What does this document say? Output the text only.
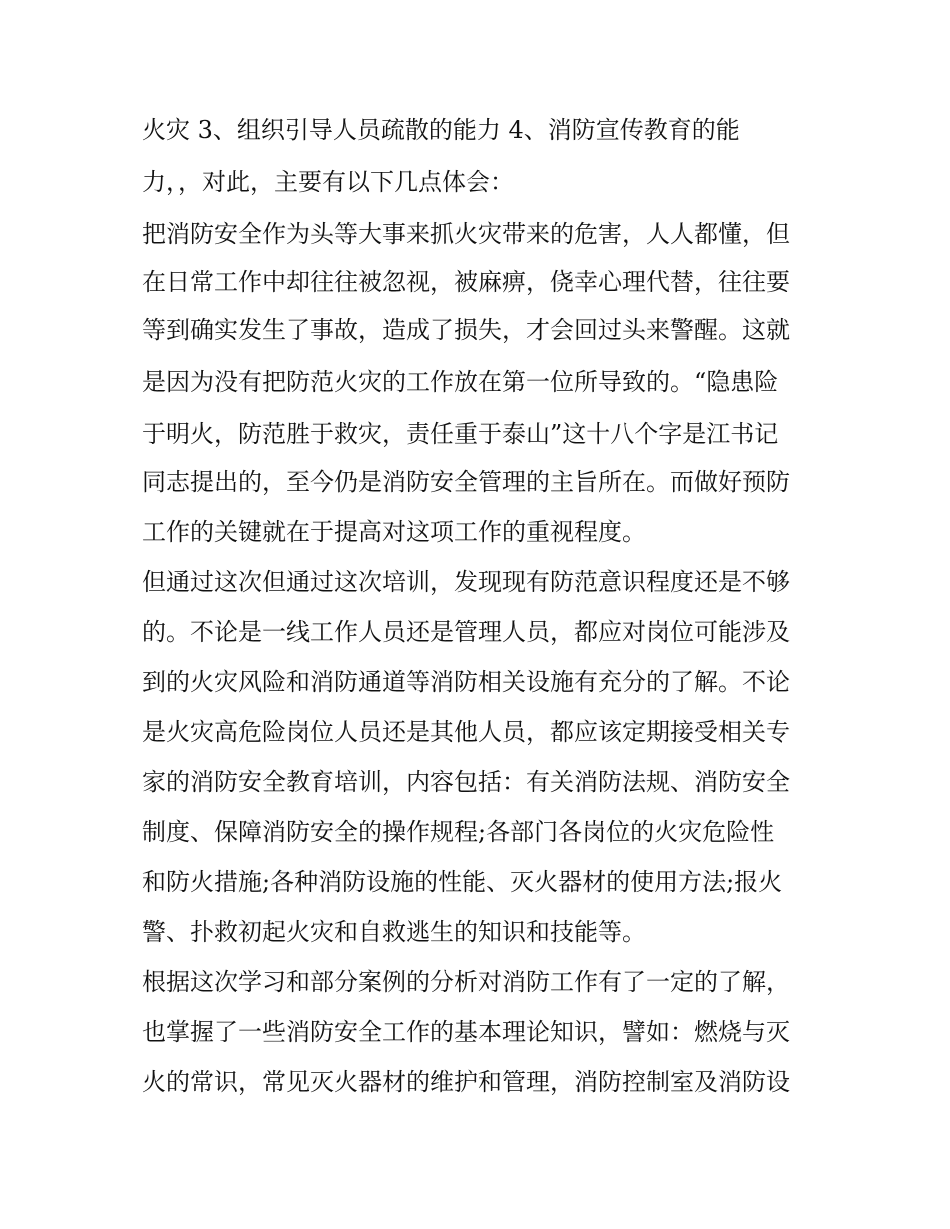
火灾 3、组织引导人员疏散的能力 4、消防宣传教育的能
力，，对此，主要有以下几点体会：
把消防安全作为头等大事来抓火灾带来的危害，人人都懂，但
在日常工作中却往往被忽视，被麻痹，侥幸心理代替，往往要
等到确实发生了事故，造成了损失，才会回过头来警醒。这就
是因为没有把防范火灾的工作放在第一位所导致的。“隐患险
于明火，防范胜于救灾，责任重于泰山”这十八个字是江书记
同志提出的，至今仍是消防安全管理的主旨所在。而做好预防
工作的关键就在于提高对这项工作的重视程度。
但通过这次但通过这次培训，发现现有防范意识程度还是不够
的。不论是一线工作人员还是管理人员，都应对岗位可能涉及
到的火灾风险和消防通道等消防相关设施有充分的了解。不论
是火灾高危险岗位人员还是其他人员，都应该定期接受相关专
家的消防安全教育培训，内容包括：有关消防法规、消防安全
制度、保障消防安全的操作规程;各部门各岗位的火灾危险性
和防火措施;各种消防设施的性能、灭火器材的使用方法;报火
警、扑救初起火灾和自救逃生的知识和技能等。
根据这次学习和部分案例的分析对消防工作有了一定的了解，
也掌握了一些消防安全工作的基本理论知识，譬如：燃烧与灭
火的常识，常见灭火器材的维护和管理，消防控制室及消防设
